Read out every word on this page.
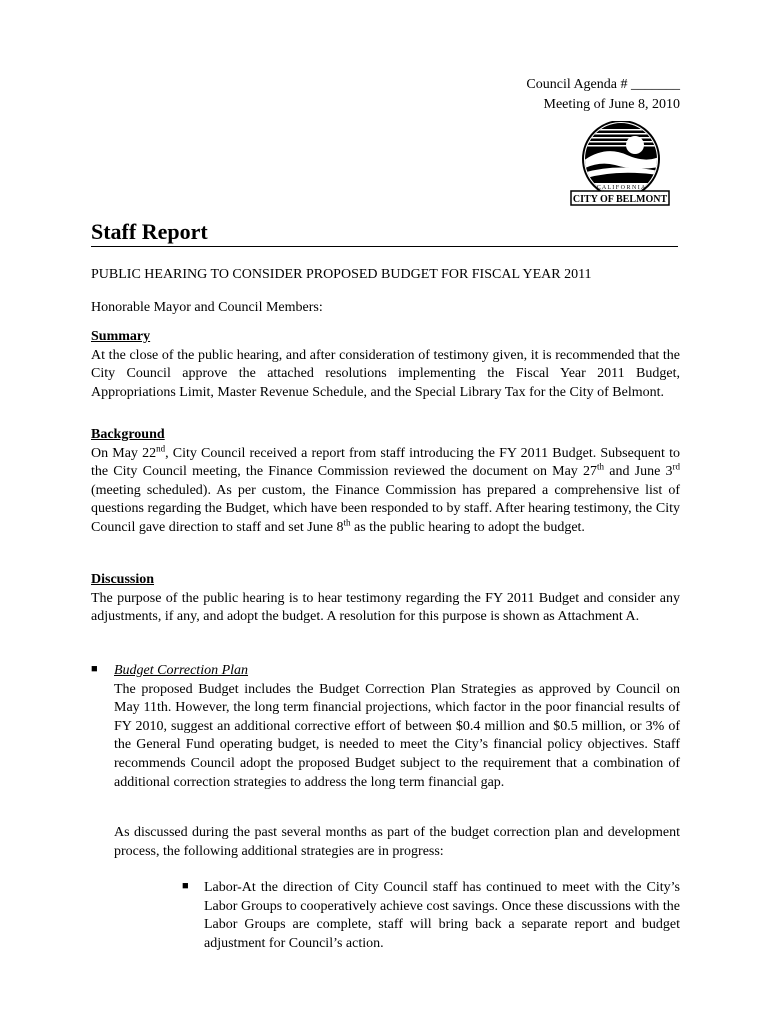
Council Agenda # _______
Meeting of June 8, 2010
C A L I F O R N I A
CITY OF BELMONT
Staff Report
PUBLIC HEARING TO CONSIDER PROPOSED BUDGET FOR FISCAL YEAR 2011
Honorable Mayor and Council Members:
Summary
At the close of the public hearing, and after consideration of testimony given, it is recommended that the City Council approve the attached resolutions implementing the Fiscal Year 2011 Budget, Appropriations Limit, Master Revenue Schedule, and the Special Library Tax for the City of Belmont.
Background
On May 22nd, City Council received a report from staff introducing the FY 2011 Budget. Subsequent to the City Council meeting, the Finance Commission reviewed the document on May 27th and June 3rd (meeting scheduled). As per custom, the Finance Commission has prepared a comprehensive list of questions regarding the Budget, which have been responded to by staff. After hearing testimony, the City Council gave direction to staff and set June 8th as the public hearing to adopt the budget.
Discussion
The purpose of the public hearing is to hear testimony regarding the FY 2011 Budget and consider any adjustments, if any, and adopt the budget. A resolution for this purpose is shown as Attachment A.
■ Budget Correction Plan
The proposed Budget includes the Budget Correction Plan Strategies as approved by Council on May 11th. However, the long term financial projections, which factor in the poor financial results of FY 2010, suggest an additional corrective effort of between $0.4 million and $0.5 million, or 3% of the General Fund operating budget, is needed to meet the City’s financial policy objectives. Staff recommends Council adopt the proposed Budget subject to the requirement that a combination of additional correction strategies to address the long term financial gap.
As discussed during the past several months as part of the budget correction plan and development process, the following additional strategies are in progress:
■ Labor-At the direction of City Council staff has continued to meet with the City’s Labor Groups to cooperatively achieve cost savings. Once these discussions with the Labor Groups are complete, staff will bring back a separate report and budget adjustment for Council’s action.
